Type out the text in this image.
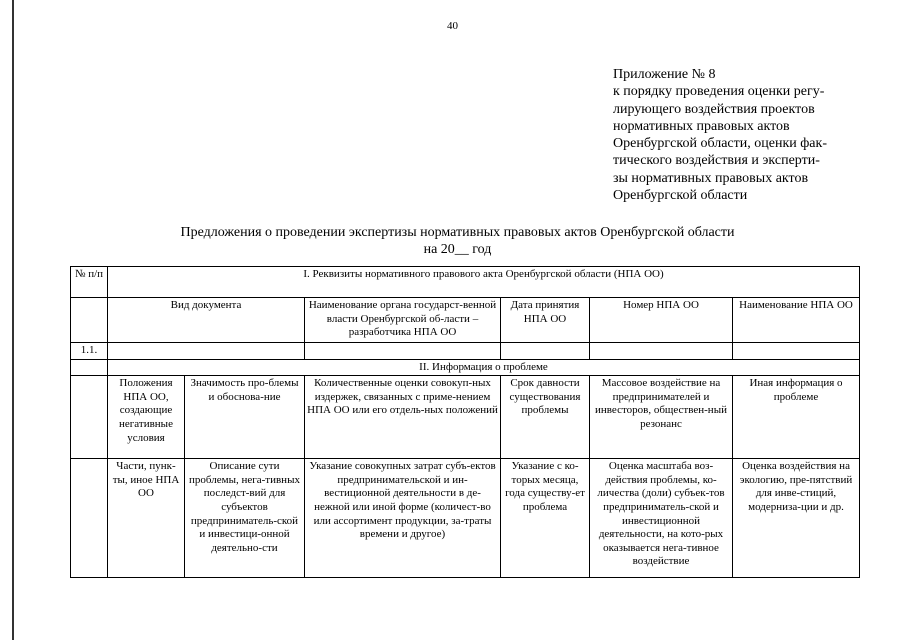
40
Приложение № 8
к порядку проведения оценки регу-
лирующего воздействия проектов
нормативных правовых актов
Оренбургской области, оценки фак-
тического воздействия и эксперти-
зы нормативных правовых актов
Оренбургской области
Предложения о проведении экспертизы нормативных правовых актов Оренбургской области
на 20__ год
№ п/п	I. Реквизиты нормативного правового акта Оренбургской области (НПА ОО)					
	Вид документа		Наименование органа государст-венной власти Оренбургской об-ласти – разработчика НПА ОО	Дата принятия НПА ОО	Номер НПА ОО	Наименование НПА ОО
1.1.						
	II. Информация о проблеме					
	Положения НПА ОО, создающие негативные условия	Значимость про-блемы и обоснова-ние	Количественные оценки совокуп-ных издержек, связанных с приме-нением НПА ОО или его отдель-ных положений	Срок давности существования проблемы	Массовое воздействие на предпринимателей и инвесторов, обществен-ный резонанс	Иная информация о проблеме
	Части, пунк-ты, иное НПА ОО	Описание сути проблемы, нега-тивных последст-вий для субъектов предприниматель-ской и инвестици-онной деятельно-сти	Указание совокупных затрат субъ-ектов предпринимательской и ин-вестиционной деятельности в де-нежной или иной форме (количест-во или ассортимент продукции, за-траты времени и другое)	Указание с ко-торых месяца, года существу-ет проблема	Оценка масштаба воз-действия проблемы, ко-личества (доли) субъек-тов предприниматель-ской и инвестиционной деятельности, на кото-рых оказывается нега-тивное воздействие	Оценка воздействия на экологию, пре-пятствий для инве-стиций, модерниза-ции и др.
